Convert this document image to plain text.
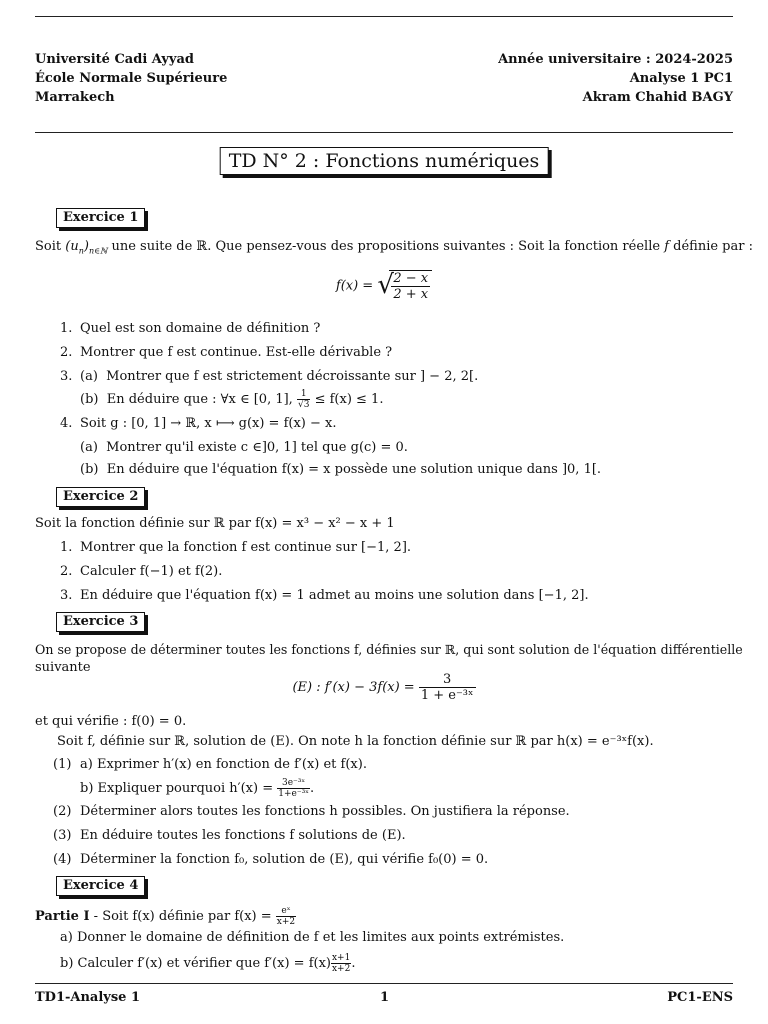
Université Cadi Ayyad
École Normale Supérieure
Marrakech
Année universitaire : 2024-2025
Analyse 1 PC1
Akram Chahid BAGY
TD N° 2 : Fonctions numériques
Exercice 1
Soit $(u_n)_{n\in ℕ}$ une suite de ℝ. Que pensez-vous des propositions suivantes : Soit la fonction réelle f définie par :
f(x) = √
$\frac{2 - x}{2 + x}$
1. Quel est son domaine de définition ?
2. Montrer que f est continue. Est-elle dérivable ?
3. (a)  Montrer que f est strictement décroissante sur ] − 2, 2[.
(b)  En déduire que : ∀x ∈ [0, 1], $\frac{1}{√3} \le f(x) \le 1$.
4. Soit g : [0, 1] → ℝ, x ⟼ g(x) = f(x) − x.
(a)  Montrer qu'il existe c ∈]0, 1] tel que g(c) = 0.
(b)  En déduire que l'équation f(x) = x possède une solution unique dans ]0, 1[.
Exercice 2
Soit la fonction définie sur ℝ par f(x) = x³ − x² − x + 1
1. Montrer que la fonction f est continue sur [−1, 2].
2. Calculer f(−1) et f(2).
3. En déduire que l'équation f(x) = 1 admet au moins une solution dans [−1, 2].
Exercice 3
On se propose de déterminer toutes les fonctions f, définies sur ℝ, qui sont solution de l'équation différentielle
suivante
(E) : $f'(x) - 3f(x) = \frac{3}{\text{1 + e⁻³ˣ}}$
et qui vérifie : f(0) = 0.
Soit f, définie sur ℝ, solution de (E). On note h la fonction définie sur ℝ par h(x) = e⁻³ˣf(x).
(1) a) Exprimer h′(x) en fonction de f′(x) et f(x).
b) Expliquer pourquoi $h'(x) = \frac{\text{3e⁻³ˣ}}{\text{1+e⁻³ˣ}}$ .
(2) Déterminer alors toutes les fonctions h possibles. On justifiera la réponse.
(3) En déduire toutes les fonctions f solutions de (E).
(4) Déterminer la fonction f₀, solution de (E), qui vérifie f₀(0) = 0.
Exercice 4
Partie I - Soit f(x) définie par $f(x) = \frac{\text{eˣ}}{x+2}$
a) Donner le domaine de définition de f et les limites aux points extrémistes.
b) Calculer f′(x) et vérifier que $f'(x) = f(x) \frac{x+1}{x+2}$ .
TD1-Analyse 1	1	PC1-ENS
